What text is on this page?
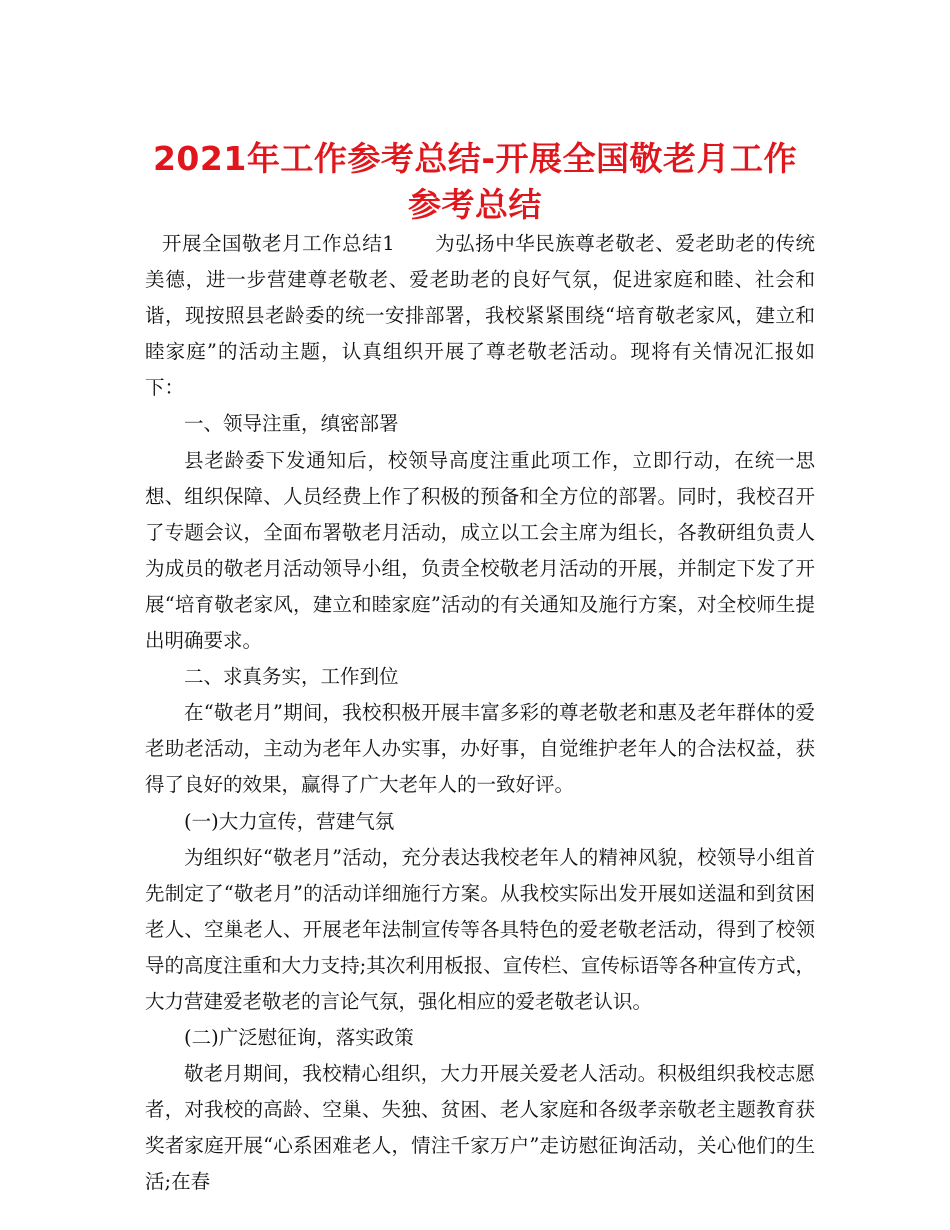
2021年工作参考总结-开展全国敬老月工作参考总结

开展全国敬老月工作总结1 为弘扬中华民族尊老敬老、爱老助老的传统美德，进一步营建尊老敬老、爱老助老的良好气氛，促进家庭和睦、社会和谐，现按照县老龄委的统一安排部署，我校紧紧围绕“培育敬老家风，建立和睦家庭”的活动主题，认真组织开展了尊老敬老活动。现将有关情况汇报如下：

一、领导注重，缜密部署

县老龄委下发通知后，校领导高度注重此项工作，立即行动，在统一思想、组织保障、人员经费上作了积极的预备和全方位的部署。同时，我校召开了专题会议，全面布署敬老月活动，成立以工会主席为组长，各教研组负责人为成员的敬老月活动领导小组，负责全校敬老月活动的开展，并制定下发了开展“培育敬老家风，建立和睦家庭”活动的有关通知及施行方案，对全校师生提出明确要求。

二、求真务实，工作到位

在“敬老月”期间，我校积极开展丰富多彩的尊老敬老和惠及老年群体的爱老助老活动，主动为老年人办实事，办好事，自觉维护老年人的合法权益，获得了良好的效果，赢得了广大老年人的一致好评。

(一)大力宣传，营建气氛

为组织好“敬老月”活动，充分表达我校老年人的精神风貌，校领导小组首先制定了“敬老月”的活动详细施行方案。从我校实际出发开展如送温和到贫困老人、空巢老人、开展老年法制宣传等各具特色的爱老敬老活动，得到了校领导的高度注重和大力支持;其次利用板报、宣传栏、宣传标语等各种宣传方式，大力营建爱老敬老的言论气氛，强化相应的爱老敬老认识。

(二)广泛慰征询，落实政策

敬老月期间，我校精心组织，大力开展关爱老人活动。积极组织我校志愿者，对我校的高龄、空巢、失独、贫困、老人家庭和各级孝亲敬老主题教育获奖者家庭开展“心系困难老人，情注千家万户”走访慰征询活动，关心他们的生活;在春
